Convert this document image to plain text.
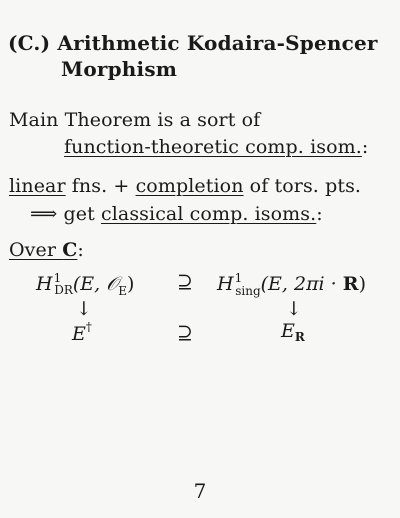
(C.) Arithmetic Kodaira-Spencer
Morphism
Main Theorem is a sort of
function-theoretic comp. isom.:
linear fns. + completion of tors. pts.
⟹ get classical comp. isoms.:
Over C:
$H^1_{DR}(E$, 𝒪$_E$) ⊇ $H^1_{sing}(E$, 2πi · R)
↓	↓
E†	⊇	$E_R$
7
